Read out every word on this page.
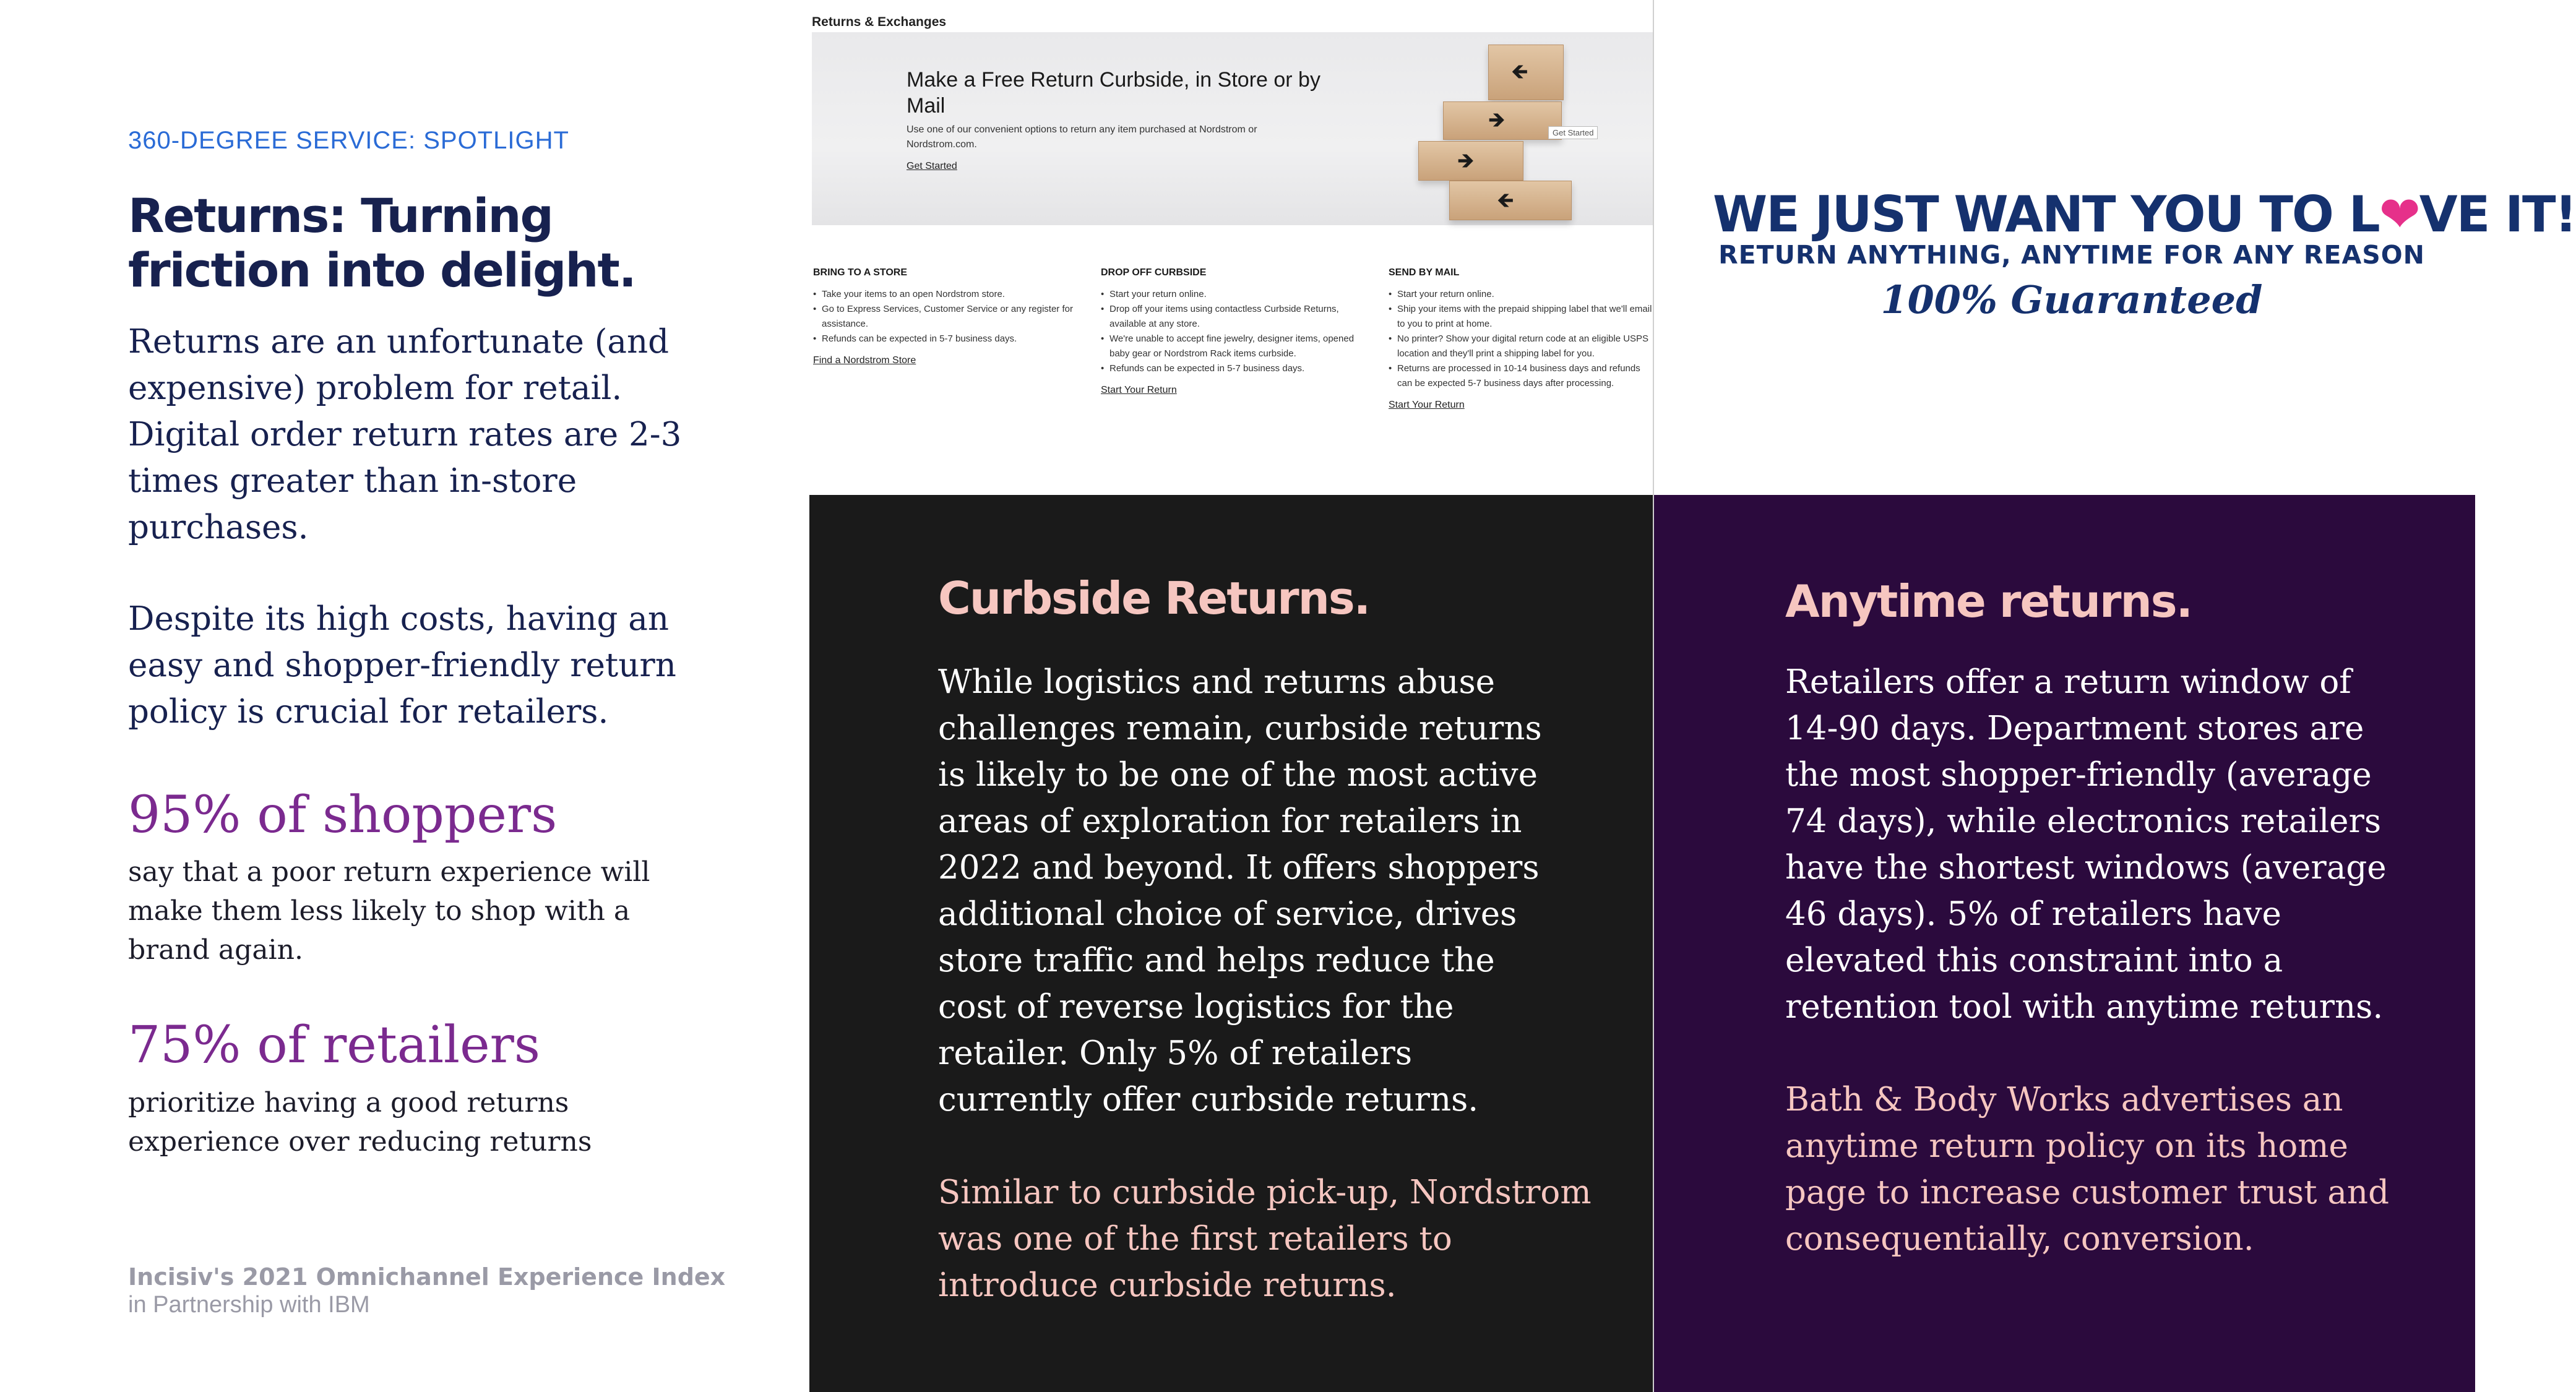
360-DEGREE SERVICE: SPOTLIGHT
Returns: Turning friction into delight.

Returns are an unfortunate (and expensive) problem for retail. Digital order return rates are 2-3 times greater than in-store purchases.

Despite its high costs, having an easy and shopper-friendly return policy is crucial for retailers.

95% of shoppers

say that a poor return experience will make them less likely to shop with a brand again.

75% of retailers

prioritize having a good returns experience over reducing returns

Incisiv's 2021 Omnichannel Experience Index
in Partnership with IBM
Returns & Exchanges
Make a Free Return Curbside, in Store or by Mail
Use one of our convenient options to return any item purchased at Nordstrom or Nordstrom.com.
Get Started
🡸
🡺
🡺
🡸
Get Started
BRING TO A STORE
• Take your items to an open Nordstrom store.
• Go to Express Services, Customer Service or any register for assistance.
• Refunds can be expected in 5-7 business days.
Find a Nordstrom Store
DROP OFF CURBSIDE
• Start your return online.
• Drop off your items using contactless Curbside Returns, available at any store.
• We're unable to accept fine jewelry, designer items, opened baby gear or Nordstrom Rack items curbside.
• Refunds can be expected in 5-7 business days.
Start Your Return
SEND BY MAIL
• Start your return online.
• Ship your items with the prepaid shipping label that we'll email to you to print at home.
• No printer? Show your digital return code at an eligible USPS location and they'll print a shipping label for you.
• Returns are processed in 10-14 business days and refunds can be expected 5-7 business days after processing.
Start Your Return
WE JUST WANT YOU TO L❤VE IT!
RETURN ANYTHING, ANYTIME FOR ANY REASON
100% Guaranteed
Curbside Returns.

While logistics and returns abuse challenges remain, curbside returns is likely to be one of the most active areas of exploration for retailers in 2022 and beyond. It offers shoppers additional choice of service, drives store traffic and helps reduce the cost of reverse logistics for the retailer. Only 5% of retailers currently offer curbside returns.

Similar to curbside pick-up, Nordstrom was one of the first retailers to introduce curbside returns.

Anytime returns.

Retailers offer a return window of 14-90 days. Department stores are the most shopper-friendly (average 74 days), while electronics retailers have the shortest windows (average 46 days). 5% of retailers have elevated this constraint into a retention tool with anytime returns.

Bath & Body Works advertises an anytime return policy on its home page to increase customer trust and consequentially, conversion.
